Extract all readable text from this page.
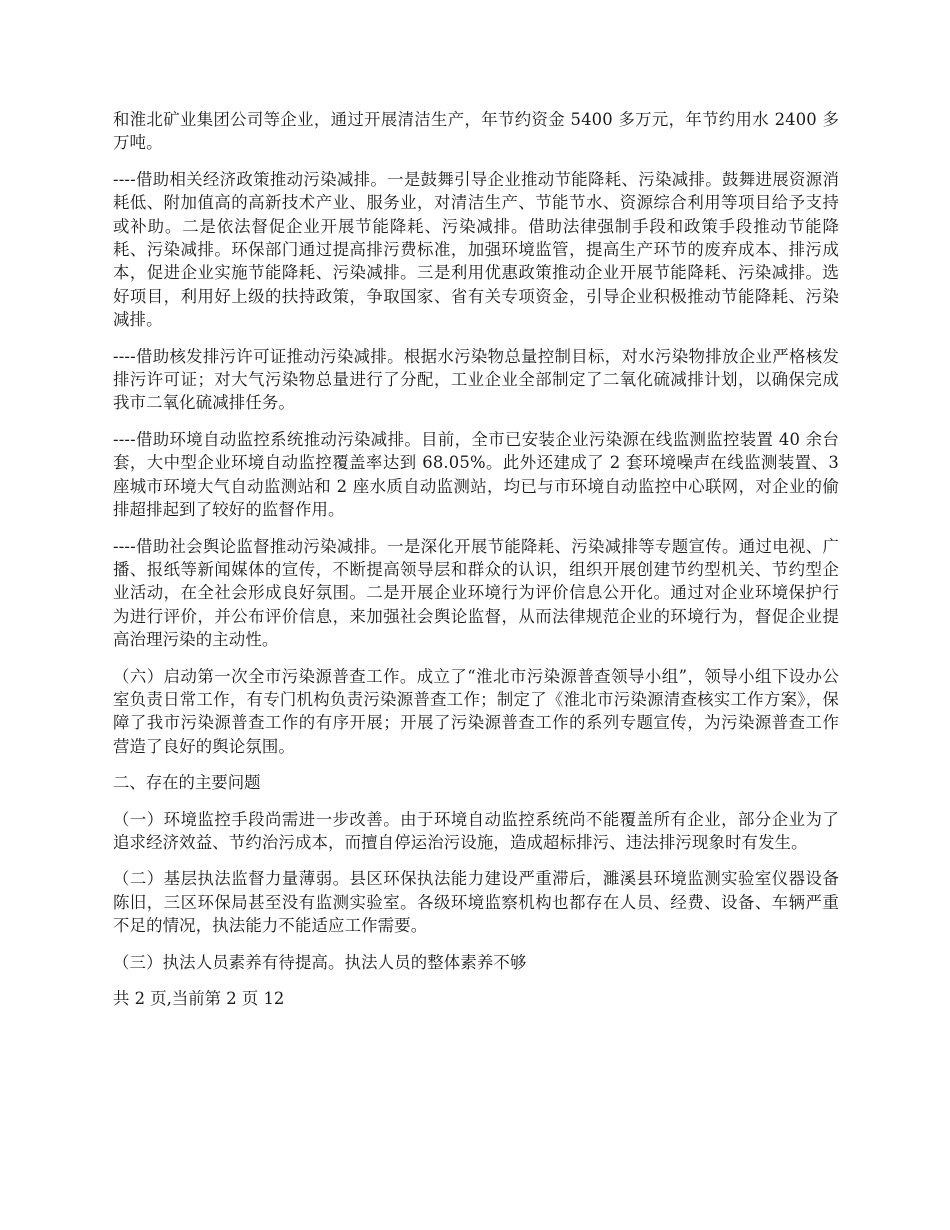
和淮北矿业集团公司等企业，通过开展清洁生产，年节约资金 5400 多万元，年节约用水 2400 多万吨。

----借助相关经济政策推动污染减排。一是鼓舞引导企业推动节能降耗、污染减排。鼓舞进展资源消耗低、附加值高的高新技术产业、服务业，对清洁生产、节能节水、资源综合利用等项目给予支持或补助。二是依法督促企业开展节能降耗、污染减排。借助法律强制手段和政策手段推动节能降耗、污染减排。环保部门通过提高排污费标准，加强环境监管，提高生产环节的废弃成本、排污成本，促进企业实施节能降耗、污染减排。三是利用优惠政策推动企业开展节能降耗、污染减排。选好项目，利用好上级的扶持政策，争取国家、省有关专项资金，引导企业积极推动节能降耗、污染减排。

----借助核发排污许可证推动污染减排。根据水污染物总量控制目标，对水污染物排放企业严格核发排污许可证；对大气污染物总量进行了分配，工业企业全部制定了二氧化硫减排计划，以确保完成我市二氧化硫减排任务。

----借助环境自动监控系统推动污染减排。目前，全市已安装企业污染源在线监测监控装置 40 余台套，大中型企业环境自动监控覆盖率达到 68.05%。此外还建成了 2 套环境噪声在线监测装置、3 座城市环境大气自动监测站和 2 座水质自动监测站，均已与市环境自动监控中心联网，对企业的偷排超排起到了较好的监督作用。

----借助社会舆论监督推动污染减排。一是深化开展节能降耗、污染减排等专题宣传。通过电视、广播、报纸等新闻媒体的宣传，不断提高领导层和群众的认识，组织开展创建节约型机关、节约型企业活动，在全社会形成良好氛围。二是开展企业环境行为评价信息公开化。通过对企业环境保护行为进行评价，并公布评价信息，来加强社会舆论监督，从而法律规范企业的环境行为，督促企业提高治理污染的主动性。

（六）启动第一次全市污染源普查工作。成立了“淮北市污染源普查领导小组”，领导小组下设办公室负责日常工作，有专门机构负责污染源普查工作；制定了《淮北市污染源清查核实工作方案》，保障了我市污染源普查工作的有序开展；开展了污染源普查工作的系列专题宣传，为污染源普查工作营造了良好的舆论氛围。

二、存在的主要问题

（一）环境监控手段尚需进一步改善。由于环境自动监控系统尚不能覆盖所有企业，部分企业为了追求经济效益、节约治污成本，而擅自停运治污设施，造成超标排污、违法排污现象时有发生。

（二）基层执法监督力量薄弱。县区环保执法能力建设严重滞后，濉溪县环境监测实验室仪器设备陈旧，三区环保局甚至没有监测实验室。各级环境监察机构也都存在人员、经费、设备、车辆严重不足的情况，执法能力不能适应工作需要。

（三）执法人员素养有待提高。执法人员的整体素养不够

共 2 页,当前第 2 页 12
